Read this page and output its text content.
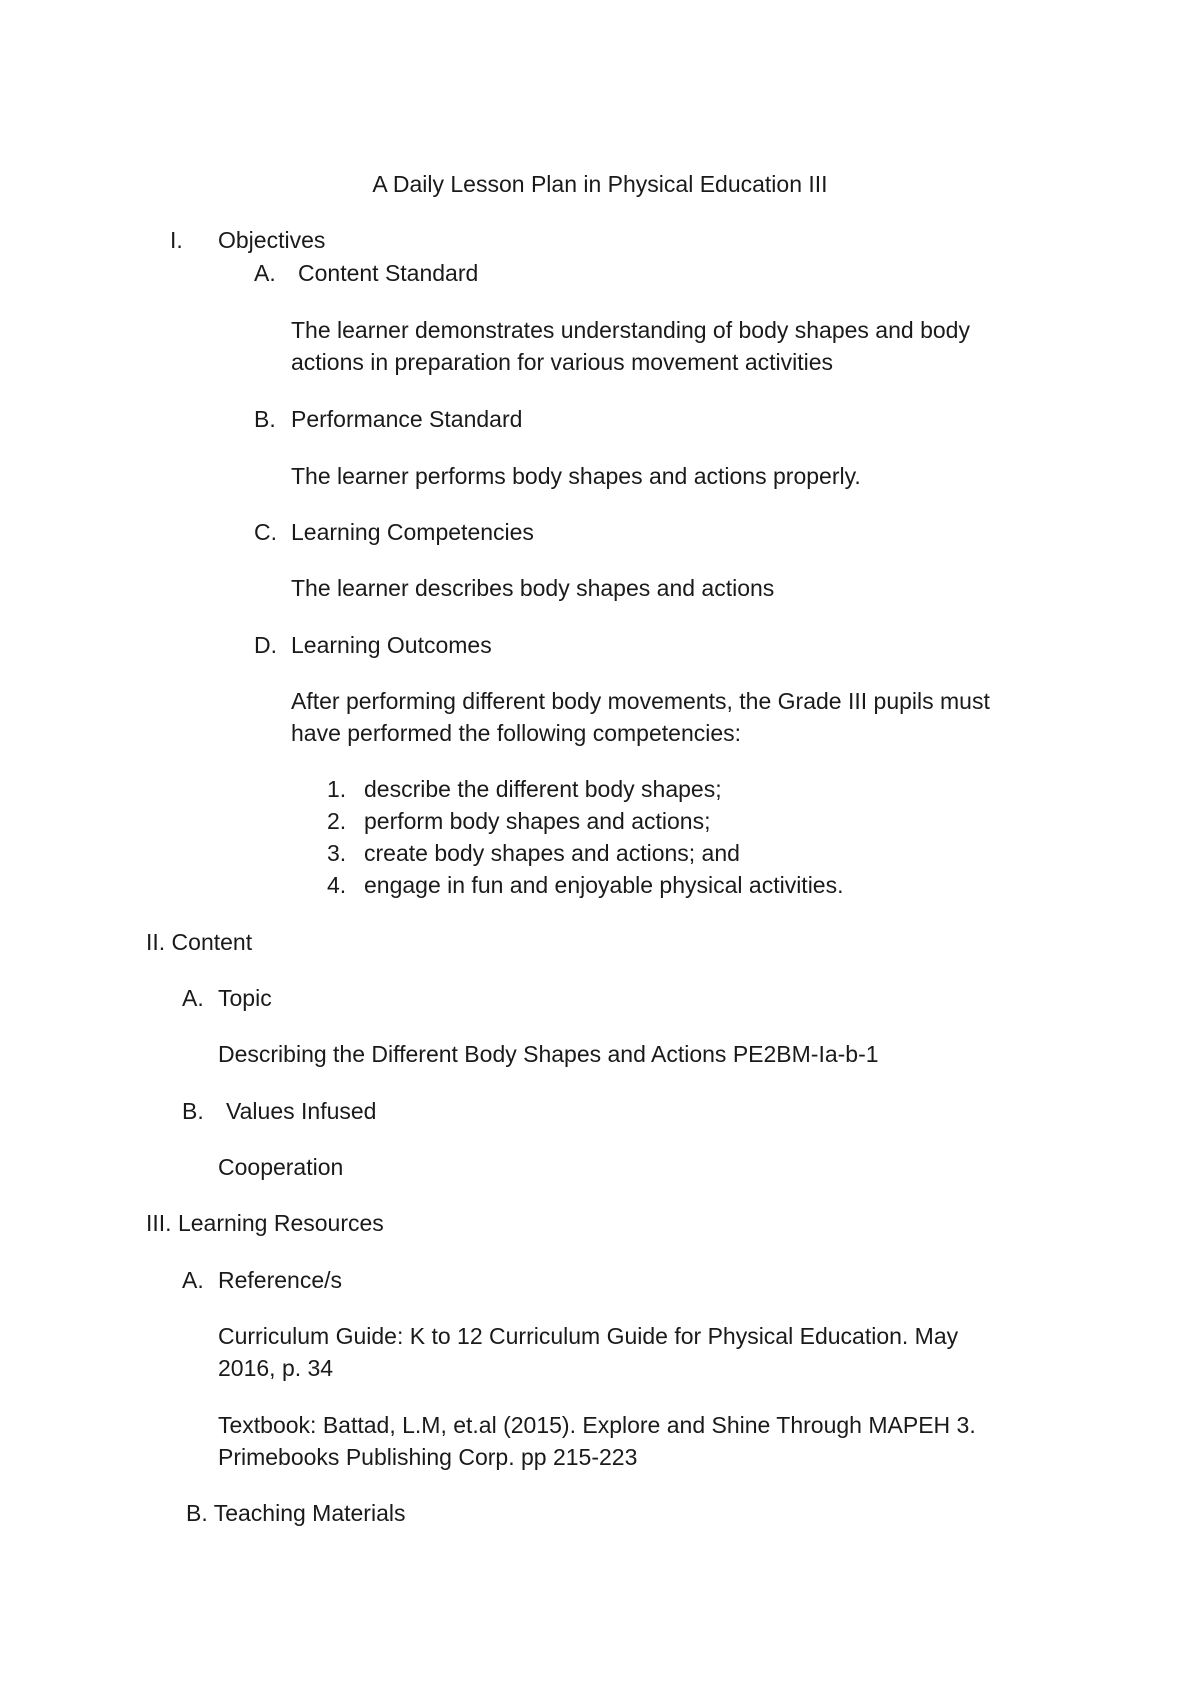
A Daily Lesson Plan in Physical Education III
I. Objectives
A. Content Standard
The learner demonstrates understanding of body shapes and body
actions in preparation for various movement activities
B. Performance Standard
The learner performs body shapes and actions properly.
C. Learning Competencies
The learner describes body shapes and actions
D. Learning Outcomes
After performing different body movements, the Grade III pupils must
have performed the following competencies:
1. describe the different body shapes;
2. perform body shapes and actions;
3. create body shapes and actions; and
4. engage in fun and enjoyable physical activities.
II. Content
A. Topic
Describing the Different Body Shapes and Actions PE2BM-Ia-b-1
B. Values Infused
Cooperation
III. Learning Resources
A. Reference/s
Curriculum Guide: K to 12 Curriculum Guide for Physical Education. May
2016, p. 34
Textbook: Battad, L.M, et.al (2015). Explore and Shine Through MAPEH 3.
Primebooks Publishing Corp. pp 215-223
B. Teaching Materials
